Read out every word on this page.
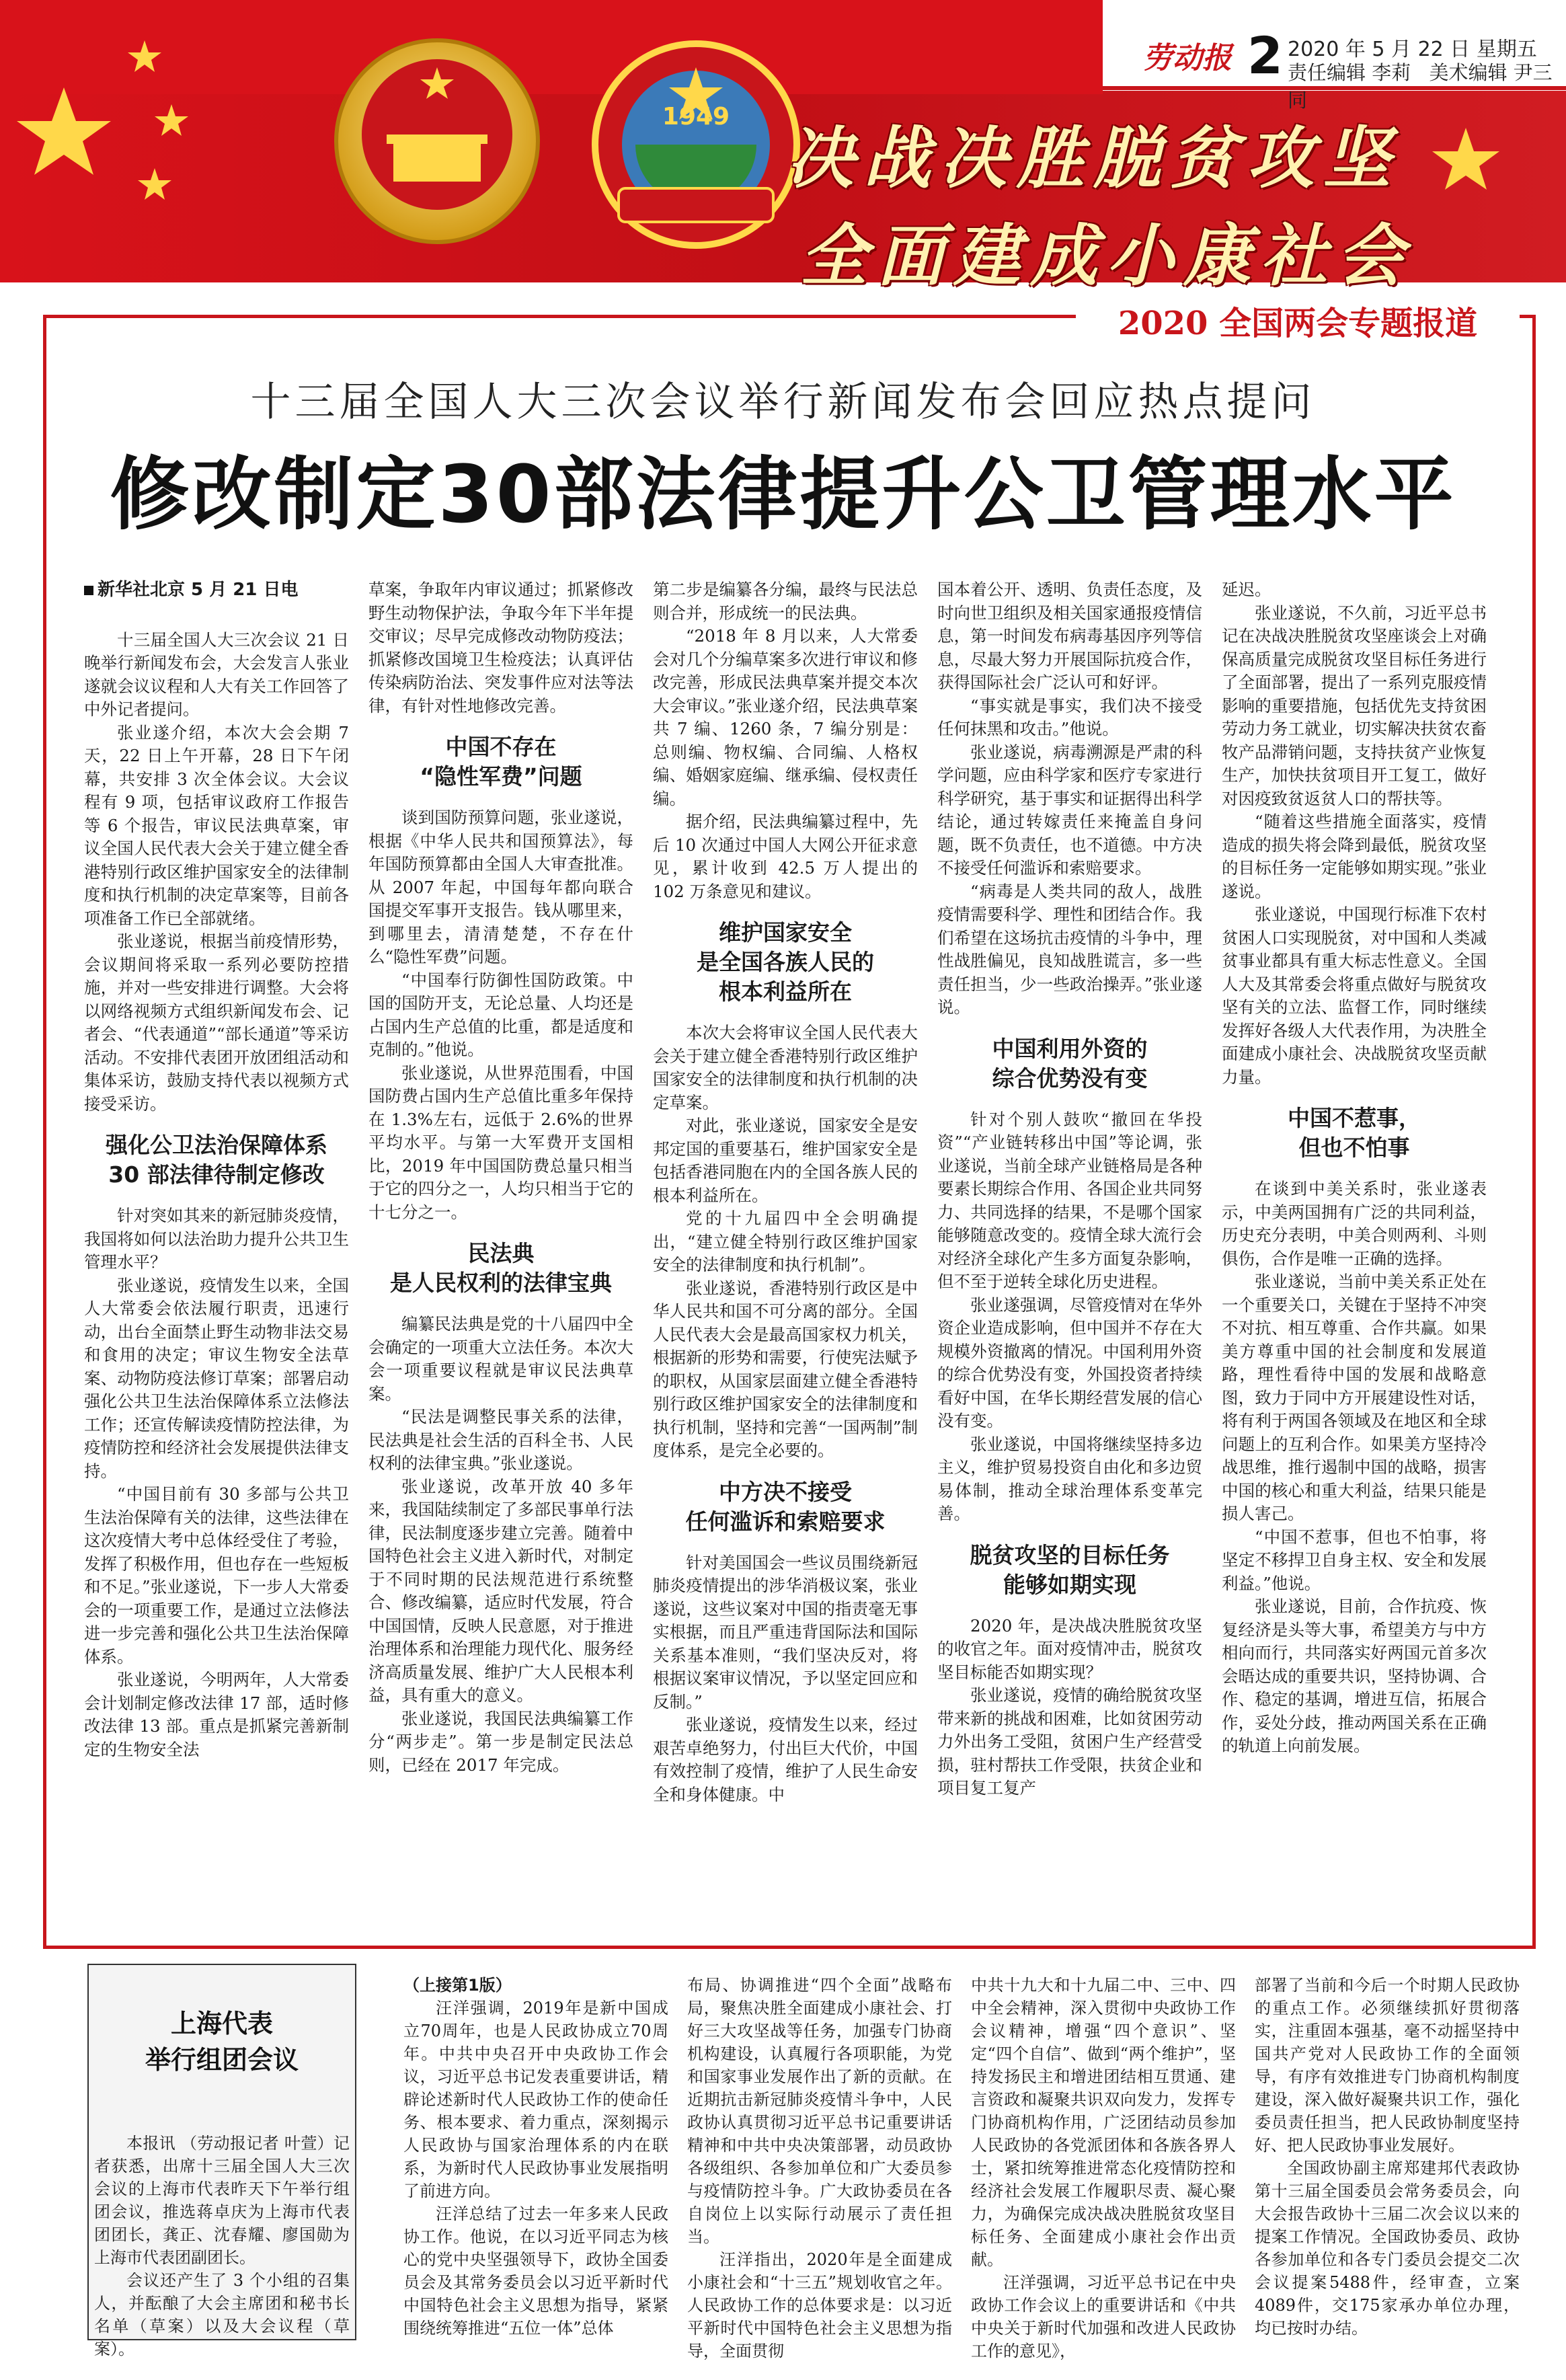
1949
劳动报 2 2020 年 5 月 22 日 星期五
责任编辑 李莉 美术编辑 尹三同
决战决胜脱贫攻坚
全面建成小康社会
2020 全国两会专题报道
十三届全国人大三次会议举行新闻发布会回应热点提问
修改制定30部法律提升公卫管理水平

新华社北京 5 月 21 日电

十三届全国人大三次会议 21 日晚举行新闻发布会，大会发言人张业遂就会议议程和人大有关工作回答了中外记者提问。

张业遂介绍，本次大会会期 7 天，22 日上午开幕，28 日下午闭幕，共安排 3 次全体会议。大会议程有 9 项，包括审议政府工作报告等 6 个报告，审议民法典草案，审议全国人民代表大会关于建立健全香港特别行政区维护国家安全的法律制度和执行机制的决定草案等，目前各项准备工作已全部就绪。

张业遂说，根据当前疫情形势，会议期间将采取一系列必要防控措施，并对一些安排进行调整。大会将以网络视频方式组织新闻发布会、记者会、“代表通道”“部长通道”等采访活动。不安排代表团开放团组活动和集体采访，鼓励支持代表以视频方式接受采访。

强化公卫法治保障体系
30 部法律待制定修改

针对突如其来的新冠肺炎疫情，我国将如何以法治助力提升公共卫生管理水平？

张业遂说，疫情发生以来，全国人大常委会依法履行职责，迅速行动，出台全面禁止野生动物非法交易和食用的决定；审议生物安全法草案、动物防疫法修订草案；部署启动强化公共卫生法治保障体系立法修法工作；还宣传解读疫情防控法律，为疫情防控和经济社会发展提供法律支持。

“中国目前有 30 多部与公共卫生法治保障有关的法律，这些法律在这次疫情大考中总体经受住了考验，发挥了积极作用，但也存在一些短板和不足。”张业遂说，下一步人大常委会的一项重要工作，是通过立法修法进一步完善和强化公共卫生法治保障体系。

张业遂说，今明两年，人大常委会计划制定修改法律 17 部，适时修改法律 13 部。重点是抓紧完善新制定的生物安全法

草案，争取年内审议通过；抓紧修改野生动物保护法，争取今年下半年提交审议；尽早完成修改动物防疫法；抓紧修改国境卫生检疫法；认真评估传染病防治法、突发事件应对法等法律，有针对性地修改完善。

中国不存在
“隐性军费”问题

谈到国防预算问题，张业遂说，根据《中华人民共和国预算法》，每年国防预算都由全国人大审查批准。从 2007 年起，中国每年都向联合国提交军事开支报告。钱从哪里来，到哪里去，清清楚楚，不存在什么“隐性军费”问题。

“中国奉行防御性国防政策。中国的国防开支，无论总量、人均还是占国内生产总值的比重，都是适度和克制的。”他说。

张业遂说，从世界范围看，中国国防费占国内生产总值比重多年保持在 1.3%左右，远低于 2.6%的世界平均水平。与第一大军费开支国相比，2019 年中国国防费总量只相当于它的四分之一，人均只相当于它的十七分之一。

民法典
是人民权利的法律宝典

编纂民法典是党的十八届四中全会确定的一项重大立法任务。本次大会一项重要议程就是审议民法典草案。

“民法是调整民事关系的法律，民法典是社会生活的百科全书、人民权利的法律宝典。”张业遂说。

张业遂说，改革开放 40 多年来，我国陆续制定了多部民事单行法律，民法制度逐步建立完善。随着中国特色社会主义进入新时代，对制定于不同时期的民法规范进行系统整合、修改编纂，适应时代发展，符合中国国情，反映人民意愿，对于推进治理体系和治理能力现代化、服务经济高质量发展、维护广大人民根本利益，具有重大的意义。

张业遂说，我国民法典编纂工作分“两步走”。第一步是制定民法总则，已经在 2017 年完成。

第二步是编纂各分编，最终与民法总则合并，形成统一的民法典。

“2018 年 8 月以来，人大常委会对几个分编草案多次进行审议和修改完善，形成民法典草案并提交本次大会审议。”张业遂介绍，民法典草案共 7 编、1260 条，7 编分别是：总则编、物权编、合同编、人格权编、婚姻家庭编、继承编、侵权责任编。

据介绍，民法典编纂过程中，先后 10 次通过中国人大网公开征求意见，累计收到 42.5 万人提出的 102 万条意见和建议。

维护国家安全
是全国各族人民的
根本利益所在

本次大会将审议全国人民代表大会关于建立健全香港特别行政区维护国家安全的法律制度和执行机制的决定草案。

对此，张业遂说，国家安全是安邦定国的重要基石，维护国家安全是包括香港同胞在内的全国各族人民的根本利益所在。

党的十九届四中全会明确提出，“建立健全特别行政区维护国家安全的法律制度和执行机制”。

张业遂说，香港特别行政区是中华人民共和国不可分离的部分。全国人民代表大会是最高国家权力机关，根据新的形势和需要，行使宪法赋予的职权，从国家层面建立健全香港特别行政区维护国家安全的法律制度和执行机制，坚持和完善“一国两制”制度体系，是完全必要的。

中方决不接受
任何滥诉和索赔要求

针对美国国会一些议员围绕新冠肺炎疫情提出的涉华消极议案，张业遂说，这些议案对中国的指责毫无事实根据，而且严重违背国际法和国际关系基本准则，“我们坚决反对，将根据议案审议情况，予以坚定回应和反制。”

张业遂说，疫情发生以来，经过艰苦卓绝努力，付出巨大代价，中国有效控制了疫情，维护了人民生命安全和身体健康。中

国本着公开、透明、负责任态度，及时向世卫组织及相关国家通报疫情信息，第一时间发布病毒基因序列等信息，尽最大努力开展国际抗疫合作，获得国际社会广泛认可和好评。

“事实就是事实，我们决不接受任何抹黑和攻击。”他说。

张业遂说，病毒溯源是严肃的科学问题，应由科学家和医疗专家进行科学研究，基于事实和证据得出科学结论，通过转嫁责任来掩盖自身问题，既不负责任，也不道德。中方决不接受任何滥诉和索赔要求。

“病毒是人类共同的敌人，战胜疫情需要科学、理性和团结合作。我们希望在这场抗击疫情的斗争中，理性战胜偏见，良知战胜谎言，多一些责任担当，少一些政治操弄。”张业遂说。

中国利用外资的
综合优势没有变

针对个别人鼓吹“撤回在华投资”“产业链转移出中国”等论调，张业遂说，当前全球产业链格局是各种要素长期综合作用、各国企业共同努力、共同选择的结果，不是哪个国家能够随意改变的。疫情全球大流行会对经济全球化产生多方面复杂影响，但不至于逆转全球化历史进程。

张业遂强调，尽管疫情对在华外资企业造成影响，但中国并不存在大规模外资撤离的情况。中国利用外资的综合优势没有变，外国投资者持续看好中国，在华长期经营发展的信心没有变。

张业遂说，中国将继续坚持多边主义，维护贸易投资自由化和多边贸易体制，推动全球治理体系变革完善。

脱贫攻坚的目标任务
能够如期实现

2020 年，是决战决胜脱贫攻坚的收官之年。面对疫情冲击，脱贫攻坚目标能否如期实现？

张业遂说，疫情的确给脱贫攻坚带来新的挑战和困难，比如贫困劳动力外出务工受阻，贫困户生产经营受损，驻村帮扶工作受限，扶贫企业和项目复工复产

延迟。

张业遂说，不久前，习近平总书记在决战决胜脱贫攻坚座谈会上对确保高质量完成脱贫攻坚目标任务进行了全面部署，提出了一系列克服疫情影响的重要措施，包括优先支持贫困劳动力务工就业，切实解决扶贫农畜牧产品滞销问题，支持扶贫产业恢复生产，加快扶贫项目开工复工，做好对因疫致贫返贫人口的帮扶等。

“随着这些措施全面落实，疫情造成的损失将会降到最低，脱贫攻坚的目标任务一定能够如期实现。”张业遂说。

张业遂说，中国现行标准下农村贫困人口实现脱贫，对中国和人类减贫事业都具有重大标志性意义。全国人大及其常委会将重点做好与脱贫攻坚有关的立法、监督工作，同时继续发挥好各级人大代表作用，为决胜全面建成小康社会、决战脱贫攻坚贡献力量。

中国不惹事，
但也不怕事

在谈到中美关系时，张业遂表示，中美两国拥有广泛的共同利益，历史充分表明，中美合则两利、斗则俱伤，合作是唯一正确的选择。

张业遂说，当前中美关系正处在一个重要关口，关键在于坚持不冲突不对抗、相互尊重、合作共赢。如果美方尊重中国的社会制度和发展道路，理性看待中国的发展和战略意图，致力于同中方开展建设性对话，将有利于两国各领域及在地区和全球问题上的互利合作。如果美方坚持冷战思维，推行遏制中国的战略，损害中国的核心和重大利益，结果只能是损人害己。

“中国不惹事，但也不怕事，将坚定不移捍卫自身主权、安全和发展利益。”他说。

张业遂说，目前，合作抗疫、恢复经济是头等大事，希望美方与中方相向而行，共同落实好两国元首多次会晤达成的重要共识，坚持协调、合作、稳定的基调，增进互信，拓展合作，妥处分歧，推动两国关系在正确的轨道上向前发展。

上海代表
举行组团会议

本报讯 （劳动报记者 叶萱）记者获悉，出席十三届全国人大三次会议的上海市代表昨天下午举行组团会议，推选蒋卓庆为上海市代表团团长，龚正、沈春耀、廖国勋为上海市代表团副团长。

会议还产生了 3 个小组的召集人，并酝酿了大会主席团和秘书长名单（草案）以及大会议程（草案）。

（上接第1版）

汪洋强调，2019年是新中国成立70周年，也是人民政协成立70周年。中共中央召开中央政协工作会议，习近平总书记发表重要讲话，精辟论述新时代人民政协工作的使命任务、根本要求、着力重点，深刻揭示人民政协与国家治理体系的内在联系，为新时代人民政协事业发展指明了前进方向。

汪洋总结了过去一年多来人民政协工作。他说，在以习近平同志为核心的党中央坚强领导下，政协全国委员会及其常务委员会以习近平新时代中国特色社会主义思想为指导，紧紧围绕统筹推进“五位一体”总体

布局、协调推进“四个全面”战略布局，聚焦决胜全面建成小康社会、打好三大攻坚战等任务，加强专门协商机构建设，认真履行各项职能，为党和国家事业发展作出了新的贡献。在近期抗击新冠肺炎疫情斗争中，人民政协认真贯彻习近平总书记重要讲话精神和中共中央决策部署，动员政协各级组织、各参加单位和广大委员参与疫情防控斗争。广大政协委员在各自岗位上以实际行动展示了责任担当。

汪洋指出，2020年是全面建成小康社会和“十三五”规划收官之年。人民政协工作的总体要求是：以习近平新时代中国特色社会主义思想为指导，全面贯彻

中共十九大和十九届二中、三中、四中全会精神，深入贯彻中央政协工作会议精神，增强“四个意识”、坚定“四个自信”、做到“两个维护”，坚持发扬民主和增进团结相互贯通、建言资政和凝聚共识双向发力，发挥专门协商机构作用，广泛团结动员参加人民政协的各党派团体和各族各界人士，紧扣统筹推进常态化疫情防控和经济社会发展工作履职尽责、凝心聚力，为确保完成决战决胜脱贫攻坚目标任务、全面建成小康社会作出贡献。

汪洋强调，习近平总书记在中央政协工作会议上的重要讲话和《中共中央关于新时代加强和改进人民政协工作的意见》，

部署了当前和今后一个时期人民政协的重点工作。必须继续抓好贯彻落实，注重固本强基，毫不动摇坚持中国共产党对人民政协工作的全面领导，有序有效推进专门协商机构制度建设，深入做好凝聚共识工作，强化委员责任担当，把人民政协制度坚持好、把人民政协事业发展好。

全国政协副主席郑建邦代表政协第十三届全国委员会常务委员会，向大会报告政协十三届二次会议以来的提案工作情况。全国政协委员、政协各参加单位和各专门委员会提交二次会议提案5488件，经审查，立案4089件，交175家承办单位办理，均已按时办结。
